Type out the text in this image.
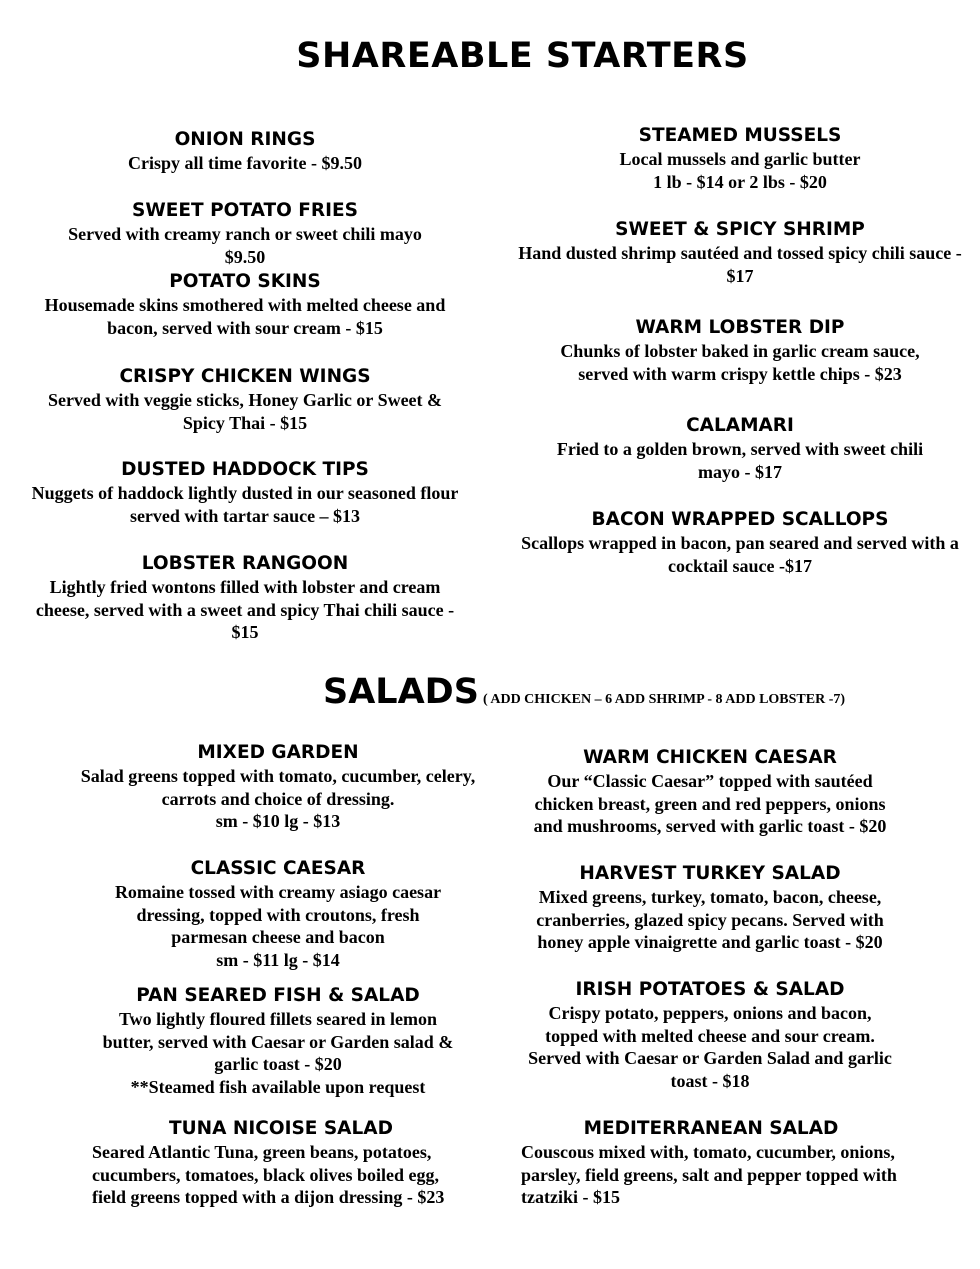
SHAREABLE STARTERS
ONION RINGS
Crispy all time favorite - $9.50
SWEET POTATO FRIES
Served with creamy ranch or sweet chili mayo
$9.50
POTATO SKINS
Housemade skins smothered with melted cheese and bacon, served with sour cream - $15
CRISPY CHICKEN WINGS
Served with veggie sticks, Honey Garlic or Sweet & Spicy Thai - $15
DUSTED HADDOCK TIPS
Nuggets of haddock lightly dusted in our seasoned flour served with tartar sauce – $13
LOBSTER RANGOON
Lightly fried wontons filled with lobster and cream cheese, served with a sweet and spicy Thai chili sauce - $15
STEAMED MUSSELS
Local mussels and garlic butter
1 lb - $14 or 2 lbs - $20
SWEET & SPICY SHRIMP
Hand dusted shrimp sautéed and tossed spicy chili sauce - $17
WARM LOBSTER DIP
Chunks of lobster baked in garlic cream sauce, served with warm crispy kettle chips - $23
CALAMARI
Fried to a golden brown, served with sweet chili mayo - $17
BACON WRAPPED SCALLOPS
Scallops wrapped in bacon, pan seared and served with a cocktail sauce -$17
SALADS ( ADD CHICKEN – 6 ADD SHRIMP - 8 ADD LOBSTER -7)
MIXED GARDEN
Salad greens topped with tomato, cucumber, celery, carrots and choice of dressing.
sm - $10 lg - $13
CLASSIC CAESAR
Romaine tossed with creamy asiago caesar dressing, topped with croutons, fresh parmesan cheese and bacon
sm - $11 lg - $14
PAN SEARED FISH & SALAD
Two lightly floured fillets seared in lemon butter, served with Caesar or Garden salad & garlic toast - $20
**Steamed fish available upon request
TUNA NICOISE SALAD
Seared Atlantic Tuna, green beans, potatoes, cucumbers, tomatoes, black olives boiled egg, field greens topped with a dijon dressing - $23
WARM CHICKEN CAESAR
Our “Classic Caesar” topped with sautéed chicken breast, green and red peppers, onions and mushrooms, served with garlic toast - $20
HARVEST TURKEY SALAD
Mixed greens, turkey, tomato, bacon, cheese, cranberries, glazed spicy pecans. Served with honey apple vinaigrette and garlic toast - $20
IRISH POTATOES & SALAD
Crispy potato, peppers, onions and bacon, topped with melted cheese and sour cream. Served with Caesar or Garden Salad and garlic toast - $18
MEDITERRANEAN SALAD
Couscous mixed with, tomato, cucumber, onions, parsley, field greens, salt and pepper topped with tzatziki - $15
